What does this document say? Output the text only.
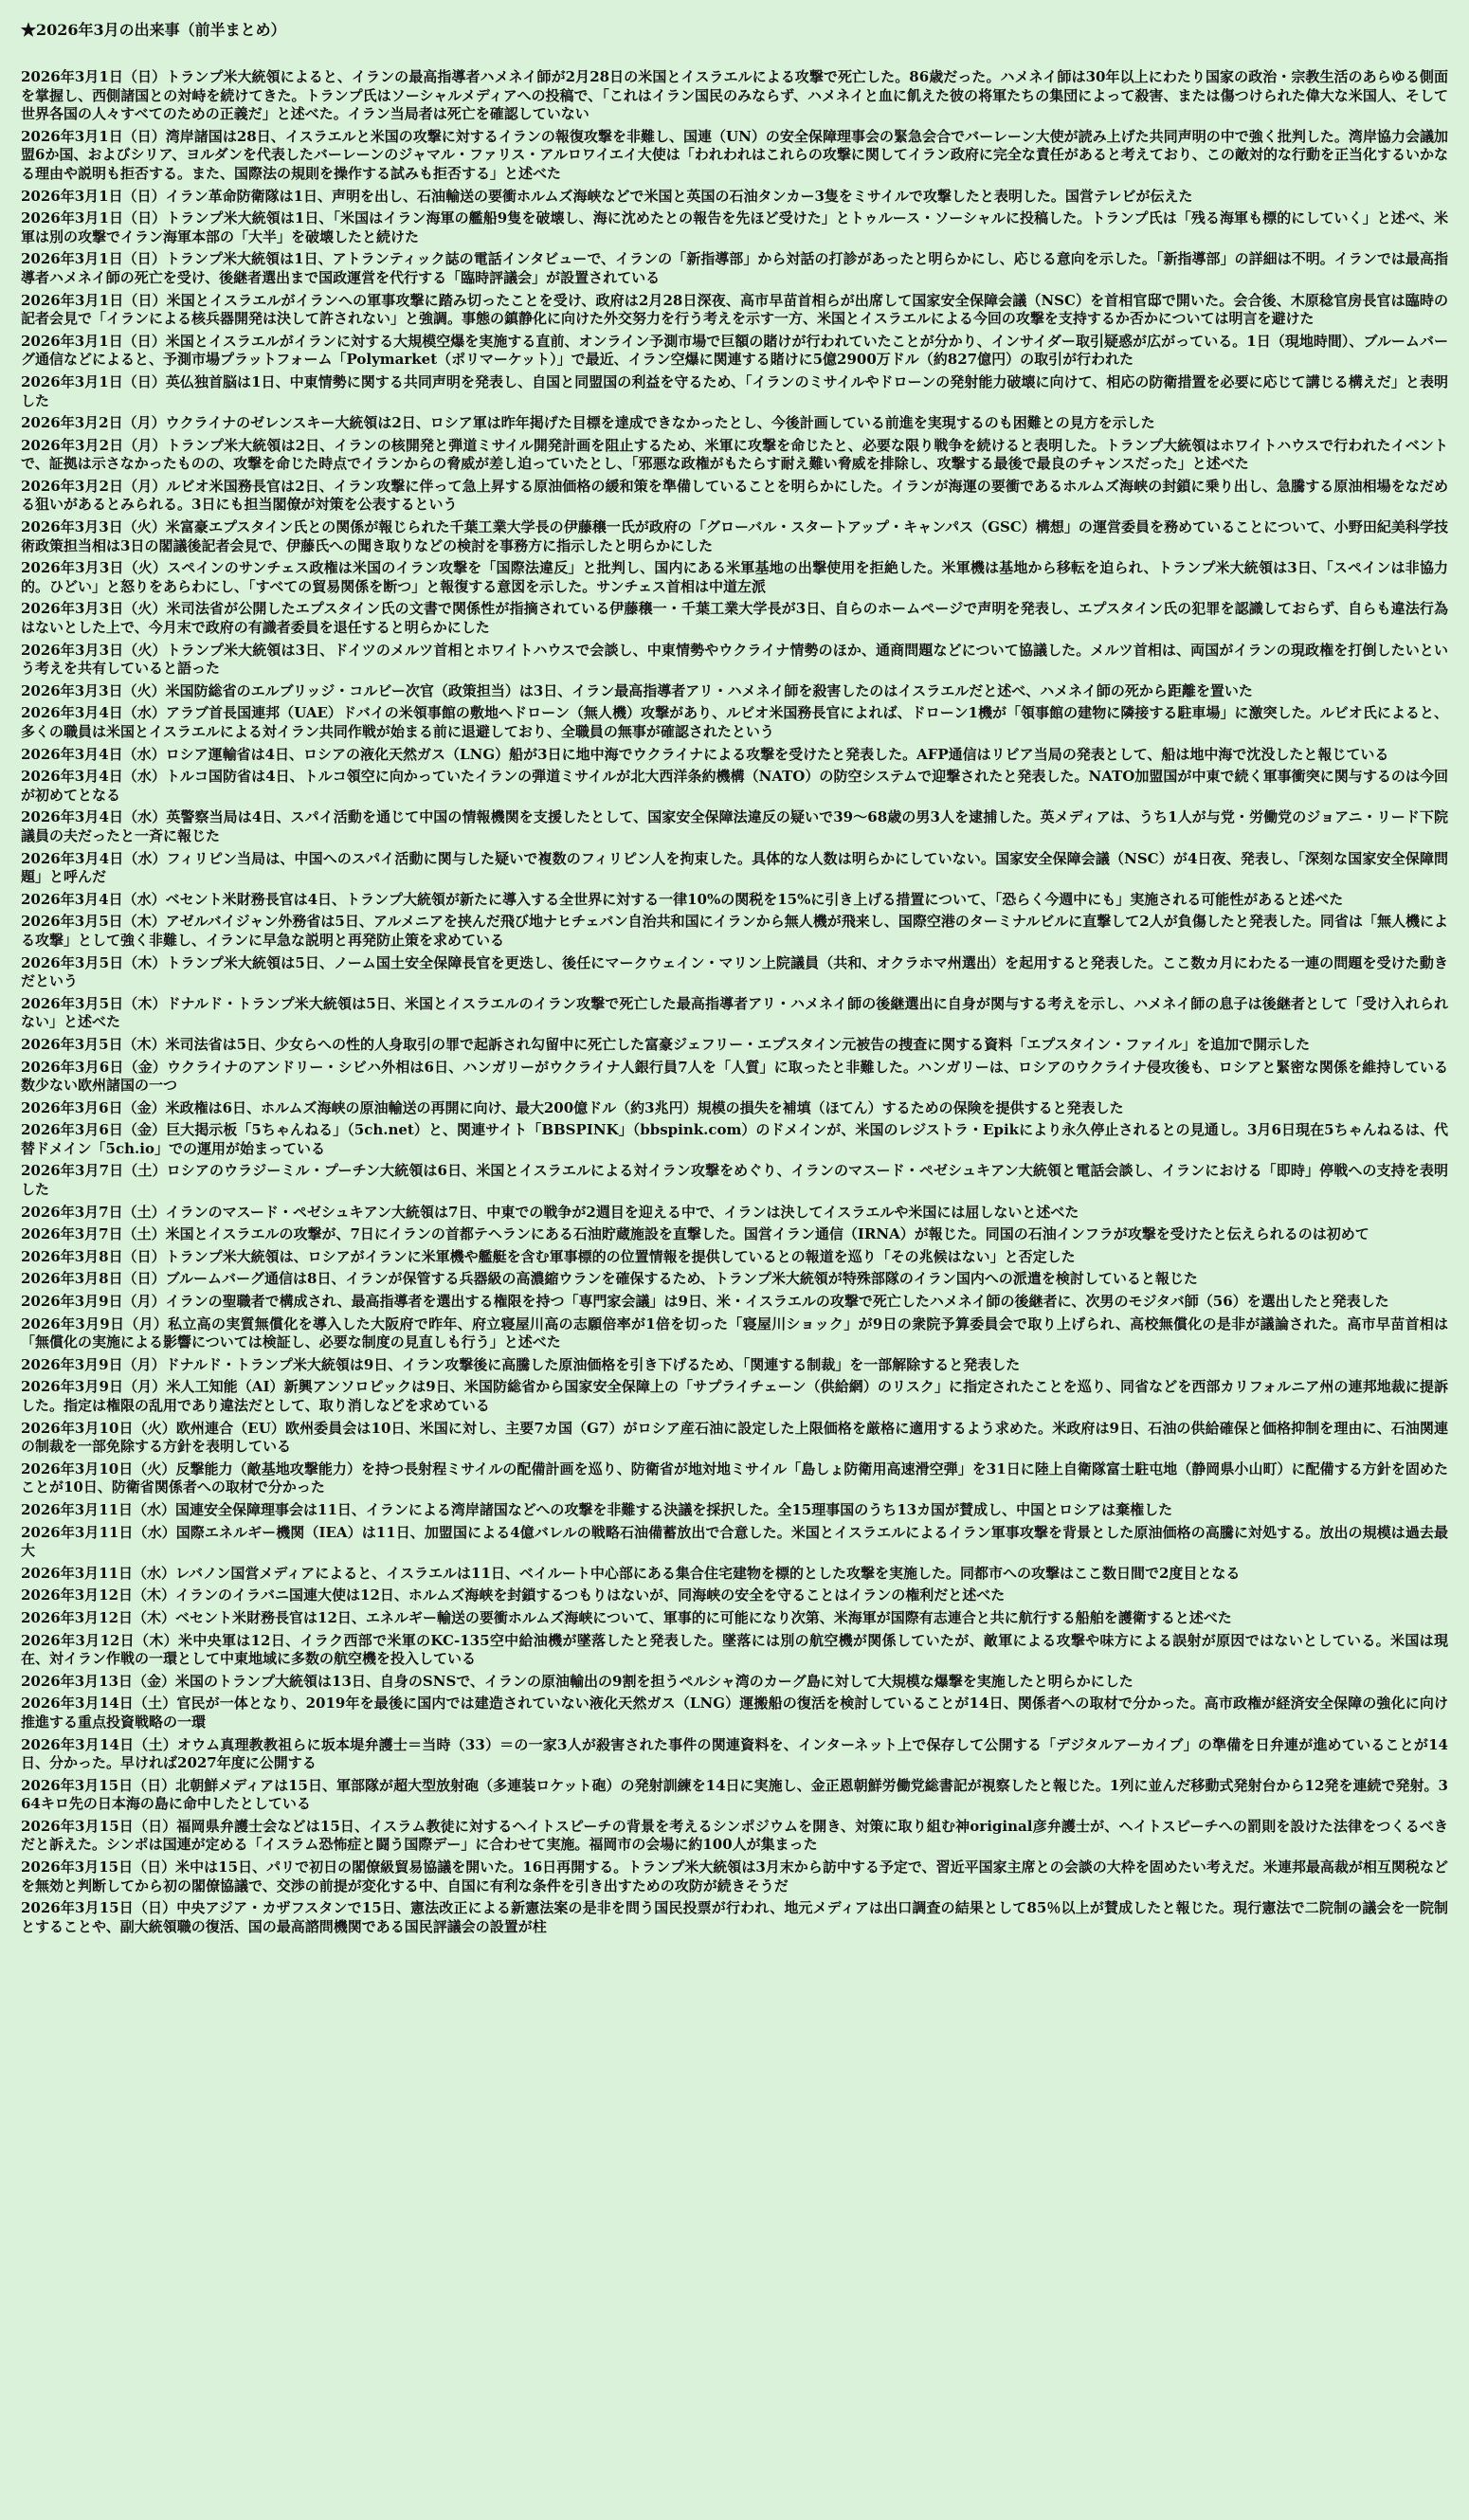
★2026年3月の出来事（前半まとめ）

2026年3月1日（日）トランプ米大統領によると、イランの最高指導者ハメネイ師が2月28日の米国とイスラエルによる攻撃で死亡した。86歳だった。ハメネイ師は30年以上にわたり国家の政治・宗教生活のあらゆる側面を掌握し、西側諸国との対峙を続けてきた。トランプ氏はソーシャルメディアへの投稿で、「これはイラン国民のみならず、ハメネイと血に飢えた彼の将軍たちの集団によって殺害、または傷つけられた偉大な米国人、そして世界各国の人々すべてのための正義だ」と述べた。イラン当局者は死亡を確認していない

2026年3月1日（日）湾岸諸国は28日、イスラエルと米国の攻撃に対するイランの報復攻撃を非難し、国連（UN）の安全保障理事会の緊急会合でバーレーン大使が読み上げた共同声明の中で強く批判した。湾岸協力会議加盟6か国、およびシリア、ヨルダンを代表したバーレーンのジャマル・ファリス・アルロワイエイ大使は「われわれはこれらの攻撃に関してイラン政府に完全な責任があると考えており、この敵対的な行動を正当化するいかなる理由や説明も拒否する。また、国際法の規則を操作する試みも拒否する」と述べた

2026年3月1日（日）イラン革命防衛隊は1日、声明を出し、石油輸送の要衝ホルムズ海峡などで米国と英国の石油タンカー3隻をミサイルで攻撃したと表明した。国営テレビが伝えた

2026年3月1日（日）トランプ米大統領は1日、「米国はイラン海軍の艦船9隻を破壊し、海に沈めたとの報告を先ほど受けた」とトゥルース・ソーシャルに投稿した。トランプ氏は「残る海軍も標的にしていく」と述べ、米軍は別の攻撃でイラン海軍本部の「大半」を破壊したと続けた

2026年3月1日（日）トランプ米大統領は1日、アトランティック誌の電話インタビューで、イランの「新指導部」から対話の打診があったと明らかにし、応じる意向を示した。「新指導部」の詳細は不明。イランでは最高指導者ハメネイ師の死亡を受け、後継者選出まで国政運営を代行する「臨時評議会」が設置されている

2026年3月1日（日）米国とイスラエルがイランへの軍事攻撃に踏み切ったことを受け、政府は2月28日深夜、高市早苗首相らが出席して国家安全保障会議（NSC）を首相官邸で開いた。会合後、木原稔官房長官は臨時の記者会見で「イランによる核兵器開発は決して許されない」と強調。事態の鎮静化に向けた外交努力を行う考えを示す一方、米国とイスラエルによる今回の攻撃を支持するか否かについては明言を避けた

2026年3月1日（日）米国とイスラエルがイランに対する大規模空爆を実施する直前、オンライン予測市場で巨額の賭けが行われていたことが分かり、インサイダー取引疑惑が広がっている。1日（現地時間）、ブルームバーグ通信などによると、予測市場プラットフォーム「Polymarket（ポリマーケット）」で最近、イラン空爆に関連する賭けに5億2900万ドル（約827億円）の取引が行われた

2026年3月1日（日）英仏独首脳は1日、中東情勢に関する共同声明を発表し、自国と同盟国の利益を守るため、「イランのミサイルやドローンの発射能力破壊に向けて、相応の防衛措置を必要に応じて講じる構えだ」と表明した

2026年3月2日（月）ウクライナのゼレンスキー大統領は2日、ロシア軍は昨年掲げた目標を達成できなかったとし、今後計画している前進を実現するのも困難との見方を示した

2026年3月2日（月）トランプ米大統領は2日、イランの核開発と弾道ミサイル開発計画を阻止するため、米軍に攻撃を命じたと、必要な限り戦争を続けると表明した。トランプ大統領はホワイトハウスで行われたイベントで、証拠は示さなかったものの、攻撃を命じた時点でイランからの脅威が差し迫っていたとし、「邪悪な政権がもたらす耐え難い脅威を排除し、攻撃する最後で最良のチャンスだった」と述べた

2026年3月2日（月）ルビオ米国務長官は2日、イラン攻撃に伴って急上昇する原油価格の緩和策を準備していることを明らかにした。イランが海運の要衝であるホルムズ海峡の封鎖に乗り出し、急騰する原油相場をなだめる狙いがあるとみられる。3日にも担当閣僚が対策を公表するという

2026年3月3日（火）米富豪エプスタイン氏との関係が報じられた千葉工業大学長の伊藤穣一氏が政府の「グローバル・スタートアップ・キャンパス（GSC）構想」の運営委員を務めていることについて、小野田紀美科学技術政策担当相は3日の閣議後記者会見で、伊藤氏への聞き取りなどの検討を事務方に指示したと明らかにした

2026年3月3日（火）スペインのサンチェス政権は米国のイラン攻撃を「国際法違反」と批判し、国内にある米軍基地の出撃使用を拒絶した。米軍機は基地から移転を迫られ、トランプ米大統領は3日、「スペインは非協力的。ひどい」と怒りをあらわにし、「すべての貿易関係を断つ」と報復する意図を示した。サンチェス首相は中道左派

2026年3月3日（火）米司法省が公開したエプスタイン氏の文書で関係性が指摘されている伊藤穣一・千葉工業大学長が3日、自らのホームページで声明を発表し、エプスタイン氏の犯罪を認識しておらず、自らも違法行為はないとした上で、今月末で政府の有識者委員を退任すると明らかにした

2026年3月3日（火）トランプ米大統領は3日、ドイツのメルツ首相とホワイトハウスで会談し、中東情勢やウクライナ情勢のほか、通商問題などについて協議した。メルツ首相は、両国がイランの現政権を打倒したいという考えを共有していると語った

2026年3月3日（火）米国防総省のエルブリッジ・コルビー次官（政策担当）は3日、イラン最高指導者アリ・ハメネイ師を殺害したのはイスラエルだと述べ、ハメネイ師の死から距離を置いた

2026年3月4日（水）アラブ首長国連邦（UAE）ドバイの米領事館の敷地へドローン（無人機）攻撃があり、ルビオ米国務長官によれば、ドローン1機が「領事館の建物に隣接する駐車場」に激突した。ルビオ氏によると、多くの職員は米国とイスラエルによる対イラン共同作戦が始まる前に退避しており、全職員の無事が確認されたという

2026年3月4日（水）ロシア運輸省は4日、ロシアの液化天然ガス（LNG）船が3日に地中海でウクライナによる攻撃を受けたと発表した。AFP通信はリビア当局の発表として、船は地中海で沈没したと報じている

2026年3月4日（水）トルコ国防省は4日、トルコ領空に向かっていたイランの弾道ミサイルが北大西洋条約機構（NATO）の防空システムで迎撃されたと発表した。NATO加盟国が中東で続く軍事衝突に関与するのは今回が初めてとなる

2026年3月4日（水）英警察当局は4日、スパイ活動を通じて中国の情報機関を支援したとして、国家安全保障法違反の疑いで39～68歳の男3人を逮捕した。英メディアは、うち1人が与党・労働党のジョアニ・リード下院議員の夫だったと一斉に報じた

2026年3月4日（水）フィリピン当局は、中国へのスパイ活動に関与した疑いで複数のフィリピン人を拘束した。具体的な人数は明らかにしていない。国家安全保障会議（NSC）が4日夜、発表し、「深刻な国家安全保障問題」と呼んだ

2026年3月4日（水）ベセント米財務長官は4日、トランプ大統領が新たに導入する全世界に対する一律10%の関税を15%に引き上げる措置について、「恐らく今週中にも」実施される可能性があると述べた

2026年3月5日（木）アゼルバイジャン外務省は5日、アルメニアを挟んだ飛び地ナヒチェバン自治共和国にイランから無人機が飛来し、国際空港のターミナルビルに直撃して2人が負傷したと発表した。同省は「無人機による攻撃」として強く非難し、イランに早急な説明と再発防止策を求めている

2026年3月5日（木）トランプ米大統領は5日、ノーム国土安全保障長官を更迭し、後任にマークウェイン・マリン上院議員（共和、オクラホマ州選出）を起用すると発表した。ここ数カ月にわたる一連の問題を受けた動きだという

2026年3月5日（木）ドナルド・トランプ米大統領は5日、米国とイスラエルのイラン攻撃で死亡した最高指導者アリ・ハメネイ師の後継選出に自身が関与する考えを示し、ハメネイ師の息子は後継者として「受け入れられない」と述べた

2026年3月5日（木）米司法省は5日、少女らへの性的人身取引の罪で起訴され勾留中に死亡した富豪ジェフリー・エプスタイン元被告の捜査に関する資料「エプスタイン・ファイル」を追加で開示した

2026年3月6日（金）ウクライナのアンドリー・シビハ外相は6日、ハンガリーがウクライナ人銀行員7人を「人質」に取ったと非難した。ハンガリーは、ロシアのウクライナ侵攻後も、ロシアと緊密な関係を維持している数少ない欧州諸国の一つ

2026年3月6日（金）米政権は6日、ホルムズ海峡の原油輸送の再開に向け、最大200億ドル（約3兆円）規模の損失を補填（ほてん）するための保険を提供すると発表した

2026年3月6日（金）巨大掲示板「5ちゃんねる」（5ch.net）と、関連サイト「BBSPINK」（bbspink.com）のドメインが、米国のレジストラ・Epikにより永久停止されるとの見通し。3月6日現在5ちゃんねるは、代替ドメイン「5ch.io」での運用が始まっている

2026年3月7日（土）ロシアのウラジーミル・プーチン大統領は6日、米国とイスラエルによる対イラン攻撃をめぐり、イランのマスード・ペゼシュキアン大統領と電話会談し、イランにおける「即時」停戦への支持を表明した

2026年3月7日（土）イランのマスード・ペゼシュキアン大統領は7日、中東での戦争が2週目を迎える中で、イランは決してイスラエルや米国には屈しないと述べた

2026年3月7日（土）米国とイスラエルの攻撃が、7日にイランの首都テヘランにある石油貯蔵施設を直撃した。国営イラン通信（IRNA）が報じた。同国の石油インフラが攻撃を受けたと伝えられるのは初めて

2026年3月8日（日）トランプ米大統領は、ロシアがイランに米軍機や艦艇を含む軍事標的の位置情報を提供しているとの報道を巡り「その兆候はない」と否定した

2026年3月8日（日）ブルームバーグ通信は8日、イランが保管する兵器級の高濃縮ウランを確保するため、トランプ米大統領が特殊部隊のイラン国内への派遣を検討していると報じた

2026年3月9日（月）イランの聖職者で構成され、最高指導者を選出する権限を持つ「専門家会議」は9日、米・イスラエルの攻撃で死亡したハメネイ師の後継者に、次男のモジタバ師（56）を選出したと発表した

2026年3月9日（月）私立高の実質無償化を導入した大阪府で昨年、府立寝屋川高の志願倍率が1倍を切った「寝屋川ショック」が9日の衆院予算委員会で取り上げられ、高校無償化の是非が議論された。高市早苗首相は「無償化の実施による影響については検証し、必要な制度の見直しも行う」と述べた

2026年3月9日（月）ドナルド・トランプ米大統領は9日、イラン攻撃後に高騰した原油価格を引き下げるため、「関連する制裁」を一部解除すると発表した

2026年3月9日（月）米人工知能（AI）新興アンソロピックは9日、米国防総省から国家安全保障上の「サプライチェーン（供給網）のリスク」に指定されたことを巡り、同省などを西部カリフォルニア州の連邦地裁に提訴した。指定は権限の乱用であり違法だとして、取り消しなどを求めている

2026年3月10日（火）欧州連合（EU）欧州委員会は10日、米国に対し、主要7カ国（G7）がロシア産石油に設定した上限価格を厳格に適用するよう求めた。米政府は9日、石油の供給確保と価格抑制を理由に、石油関連の制裁を一部免除する方針を表明している

2026年3月10日（火）反撃能力（敵基地攻撃能力）を持つ長射程ミサイルの配備計画を巡り、防衛省が地対地ミサイル「島しょ防衛用高速滑空弾」を31日に陸上自衛隊富士駐屯地（静岡県小山町）に配備する方針を固めたことが10日、防衛省関係者への取材で分かった

2026年3月11日（水）国連安全保障理事会は11日、イランによる湾岸諸国などへの攻撃を非難する決議を採択した。全15理事国のうち13カ国が賛成し、中国とロシアは棄権した

2026年3月11日（水）国際エネルギー機関（IEA）は11日、加盟国による4億バレルの戦略石油備蓄放出で合意した。米国とイスラエルによるイラン軍事攻撃を背景とした原油価格の高騰に対処する。放出の規模は過去最大

2026年3月11日（水）レバノン国営メディアによると、イスラエルは11日、ベイルート中心部にある集合住宅建物を標的とした攻撃を実施した。同都市への攻撃はここ数日間で2度目となる

2026年3月12日（木）イランのイラバニ国連大使は12日、ホルムズ海峡を封鎖するつもりはないが、同海峡の安全を守ることはイランの権利だと述べた

2026年3月12日（木）ベセント米財務長官は12日、エネルギー輸送の要衝ホルムズ海峡について、軍事的に可能になり次第、米海軍が国際有志連合と共に航行する船舶を護衛すると述べた

2026年3月12日（木）米中央軍は12日、イラク西部で米軍のKC-135空中給油機が墜落したと発表した。墜落には別の航空機が関係していたが、敵軍による攻撃や味方による誤射が原因ではないとしている。米国は現在、対イラン作戦の一環として中東地域に多数の航空機を投入している

2026年3月13日（金）米国のトランプ大統領は13日、自身のSNSで、イランの原油輸出の9割を担うペルシャ湾のカーグ島に対して大規模な爆撃を実施したと明らかにした

2026年3月14日（土）官民が一体となり、2019年を最後に国内では建造されていない液化天然ガス（LNG）運搬船の復活を検討していることが14日、関係者への取材で分かった。高市政権が経済安全保障の強化に向け推進する重点投資戦略の一環

2026年3月14日（土）オウム真理教教祖らに坂本堤弁護士＝当時（33）＝の一家3人が殺害された事件の関連資料を、インターネット上で保存して公開する「デジタルアーカイブ」の準備を日弁連が進めていることが14日、分かった。早ければ2027年度に公開する

2026年3月15日（日）北朝鮮メディアは15日、軍部隊が超大型放射砲（多連装ロケット砲）の発射訓練を14日に実施し、金正恩朝鮮労働党総書記が視察したと報じた。1列に並んだ移動式発射台から12発を連続で発射。364キロ先の日本海の島に命中したとしている

2026年3月15日（日）福岡県弁護士会などは15日、イスラム教徒に対するヘイトスピーチの背景を考えるシンポジウムを開き、対策に取り組む神original彦弁護士が、ヘイトスピーチへの罰則を設けた法律をつくるべきだと訴えた。シンポは国連が定める「イスラム恐怖症と闘う国際デー」に合わせて実施。福岡市の会場に約100人が集まった

2026年3月15日（日）米中は15日、パリで初日の閣僚級貿易協議を開いた。16日再開する。トランプ米大統領は3月末から訪中する予定で、習近平国家主席との会談の大枠を固めたい考えだ。米連邦最高裁が相互関税などを無効と判断してから初の閣僚協議で、交渉の前提が変化する中、自国に有利な条件を引き出すための攻防が続きそうだ

2026年3月15日（日）中央アジア・カザフスタンで15日、憲法改正による新憲法案の是非を問う国民投票が行われ、地元メディアは出口調査の結果として85％以上が賛成したと報じた。現行憲法で二院制の議会を一院制とすることや、副大統領職の復活、国の最高諮問機関である国民評議会の設置が柱
